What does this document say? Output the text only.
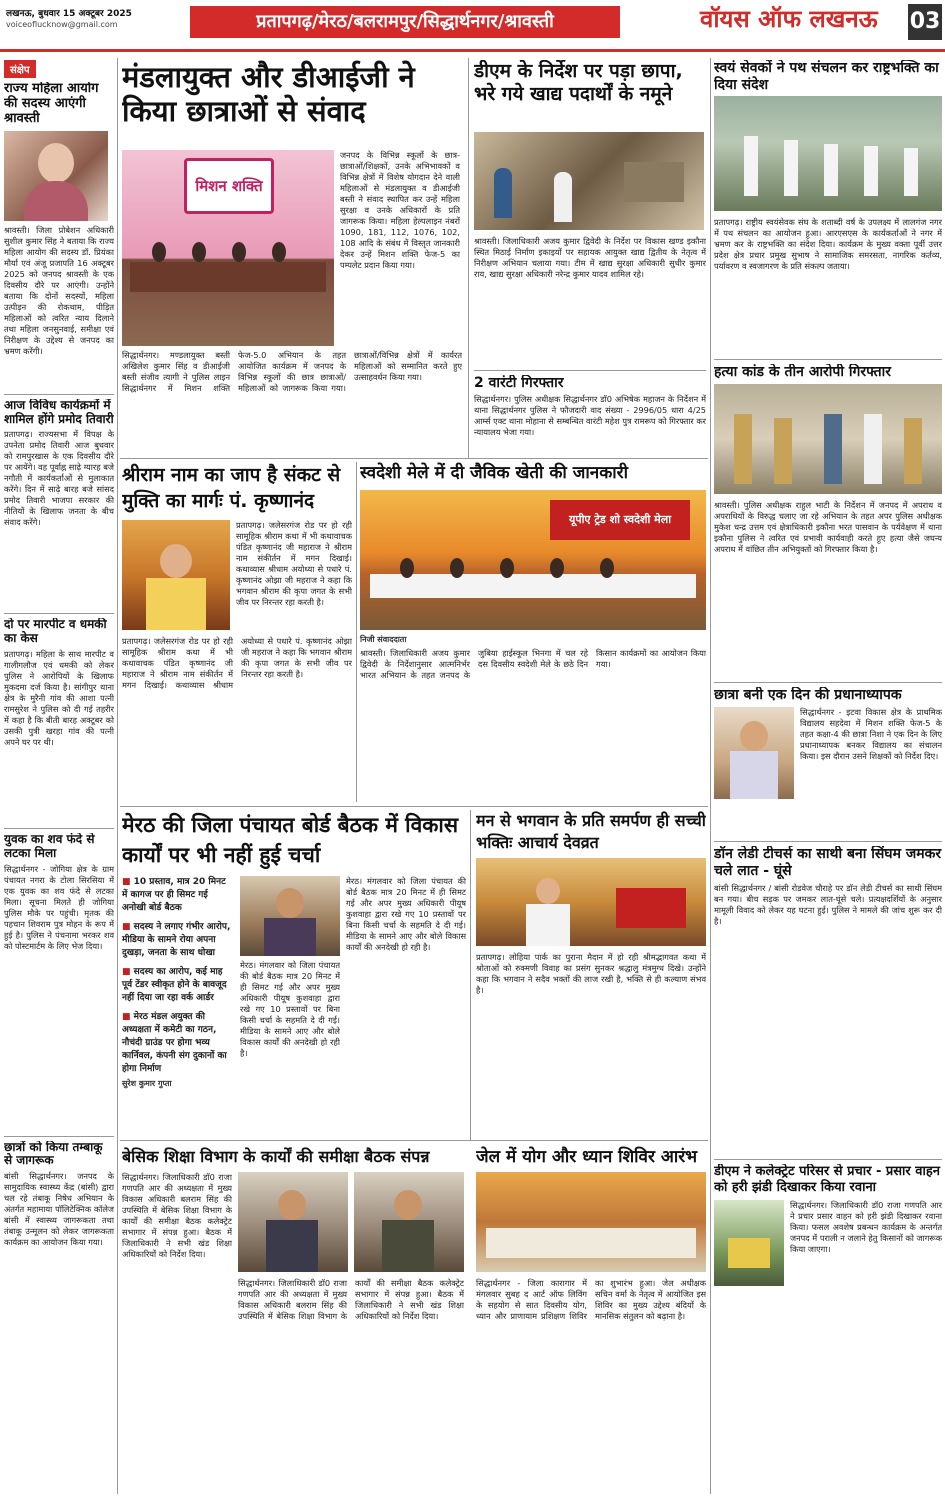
लखनऊ, बुधवार 15 अक्टूबर 2025
voiceoflucknow@gmail.com	प्रतापगढ़/मेरठ/बलरामपुर/सिद्धार्थनगर/श्रावस्ती	वॉयस ऑफ लखनऊ 03
संक्षेप
राज्य महिला आयोग की सदस्य आएंगी श्रावस्ती
श्रावस्ती। जिला प्रोबेशन अधिकारी सुशील कुमार सिंह ने बताया कि राज्य महिला आयोग की सदस्य डॉ. प्रियंका मौर्या एवं अंजू प्रजापति 16 अक्टूबर 2025 को जनपद श्रावस्ती के एक दिवसीय दौरे पर आएंगी। उन्होंने बताया कि दोनों सदस्यों, महिला उत्पीड़न की रोकथाम, पीड़ित महिलाओं को त्वरित न्याय दिलाने तथा महिला जनसुनवाई, समीक्षा एवं निरीक्षण के उद्देश्य से जनपद का भ्रमण करेंगी।
आज विविध कार्यक्रमों में शामिल होंगे प्रमोद तिवारी
प्रतापगढ़। राज्यसभा में विपक्ष के उपनेता प्रमोद तिवारी आज बुधवार को रामपुरखास के एक दिवसीय दौरे पर आयेंगे। वह पूर्वाह्न साढ़े ग्यारह बजे नगौती में कार्यकर्ताओं से मुलाकात करेंगे। दिन में साढ़े बारह बजे सांसद प्रमोद तिवारी भाजपा सरकार की नीतियों के खिलाफ जनता के बीच संवाद करेंगे।
दो पर मारपीट व धमकी का केस
प्रतापगढ़। महिला के साथ मारपीट व गालीगलौज एवं धमकी को लेकर पुलिस ने आरोपियों के खिलाफ मुकदमा दर्ज किया है। सांगीपुर थाना क्षेत्र के मुरैनी गांव की आशा पत्नी रामसुरेश ने पुलिस को दी गई तहरीर में कहा है कि बीती बारह अक्टूबर को उसकी पुत्री खरहा गांव की पत्नी अपने घर पर थी।
युवक का शव फंदे से लटका मिला
सिद्धार्थनगर - जोगिया क्षेत्र के ग्राम पंचायत नगरा के टोला सिरसिया में एक युवक का शव फंदे से लटका मिला। सूचना मिलते ही जोगिया पुलिस मौके पर पहुंची। मृतक की पहचान शिवराम पुत्र मोहन के रूप में हुई है। पुलिस ने पंचनामा भरकर शव को पोस्टमार्टम के लिए भेज दिया।
छात्रों को किया तम्बाकू से जागरूक
बांसी सिद्धार्थनगर। जनपद के सामुदायिक स्वास्थ्य केंद्र (बांसी) द्वारा चल रहे तंबाकू निषेध अभियान के अंतर्गत महामाया पॉलिटेक्निक कॉलेज बांसी में स्वास्थ्य जागरूकता तथा तंबाकू उन्मूलन को लेकर जागरूकता कार्यक्रम का आयोजन किया गया।
मंडलायुक्त और डीआईजी ने किया छात्राओं से संवाद
मिशन शक्ति
जनपद के विभिन्न स्कूलों के छात्र-छात्राओं/शिक्षकों, उनके अभिभावकों व विभिन्न क्षेत्रों में विशेष योगदान देने वाली महिलाओं से मंडलायुक्त व डीआईजी बस्ती ने संवाद स्थापित कर उन्हें महिला सुरक्षा व उनके अधिकारों के प्रति जागरूक किया। महिला हेल्पलाइन नंबरों 1090, 181, 112, 1076, 102, 108 आदि के संबंध में विस्तृत जानकारी देकर उन्हें मिशन शक्ति फेज-5 का पम्पलेट प्रदान किया गया।
सिद्धार्थनगर। मण्डलायुक्त बस्ती अखिलेश कुमार सिंह व डीआईजी बस्ती संजीव त्यागी ने पुलिस लाइन सिद्धार्थनगर में मिशन शक्ति फेज-5.0 अभियान के तहत आयोजित कार्यक्रम में जनपद के विभिन्न स्कूलों की छात्र छात्राओं/महिलाओं को जागरूक किया गया। छात्राओं/विभिन्न क्षेत्रों में कार्यरत महिलाओं को सम्मानित करते हुए उत्साहवर्धन किया गया।
डीएम के निर्देश पर पड़ा छापा, भरे गये खाद्य पदार्थों के नमूने
श्रावस्ती। जिलाधिकारी अजय कुमार द्विवेदी के निर्देश पर विकास खण्ड इकौना स्थित मिठाई निर्माण इकाइयों पर सहायक आयुक्त खाद्य द्वितीय के नेतृत्व में निरीक्षण अभियान चलाया गया। टीम में खाद्य सुरक्षा अधिकारी सुधीर कुमार राय, खाद्य सुरक्षा अधिकारी नरेन्द्र कुमार यादव शामिल रहे।
2 वारंटी गिरफ्तार
सिद्धार्थनगर। पुलिस अधीक्षक सिद्धार्थनगर डॉ0 अभिषेक महाजन के निर्देशन में थाना सिद्धार्थनगर पुलिस ने फौजदारी वाद संख्या - 2996/05 धारा 4/25 आर्म्स एक्ट थाना मोहाना से सम्बन्धित वारंटी महेश पुत्र रामरूप को गिरफ्तार कर न्यायालय भेजा गया।
स्वयं सेवकों ने पथ संचलन कर राष्ट्रभक्ति का दिया संदेश
प्रतापगढ़। राष्ट्रीय स्वयंसेवक संघ के शताब्दी वर्ष के उपलक्ष्य में लालगंज नगर में पथ संचलन का आयोजन हुआ। आरएसएस के कार्यकर्ताओं ने नगर में भ्रमण कर के राष्ट्रभक्ति का संदेश दिया। कार्यक्रम के मुख्य वक्ता पूर्वी उत्तर प्रदेश क्षेत्र प्रचार प्रमुख सुभाष ने सामाजिक समरसता, नागरिक कर्तव्य, पर्यावरण व स्वजागरण के प्रति संकल्प जताया।
हत्या कांड के तीन आरोपी गिरफ्तार
श्रावस्ती। पुलिस अधीक्षक राहुल भाटी के निर्देशन में जनपद में अपराध व अपराधियों के विरुद्ध चलाए जा रहे अभियान के तहत अपर पुलिस अधीक्षक मुकेश चन्द्र उत्तम एवं क्षेत्राधिकारी इकौना भरत पासवान के पर्यवेक्षण में थाना इकौना पुलिस ने त्वरित एवं प्रभावी कार्यवाही करते हुए हत्या जैसे जघन्य अपराध में वांछित तीन अभियुक्तों को गिरफ्तार किया है।
छात्रा बनी एक दिन की प्रधानाध्यापक
सिद्धार्थनगर - इटवा विकास क्षेत्र के प्राथमिक विद्यालय सहदेवा में मिशन शक्ति फेज-5 के तहत कक्षा-4 की छात्रा निशा ने एक दिन के लिए प्रधानाध्यापक बनकर विद्यालय का संचालन किया। इस दौरान उसने शिक्षकों को निर्देश दिए।
डॉन लेडी टीचर्स का साथी बना सिंघम जमकर चले लात - घूंसे
बांसी सिद्धार्थनगर / बांसी रोडवेज चौराहे पर डॉन लेडी टीचर्स का साथी सिंघम बन गया। बीच सड़क पर जमकर लात-घूंसे चले। प्रत्यक्षदर्शियों के अनुसार मामूली विवाद को लेकर यह घटना हुई। पुलिस ने मामले की जांच शुरू कर दी है।
डीएम ने कलेक्ट्रेट परिसर से प्रचार - प्रसार वाहन को हरी झंडी दिखाकर किया रवाना
सिद्धार्थनगर। जिलाधिकारी डॉ0 राजा गणपति आर ने प्रचार प्रसार वाहन को हरी झंडी दिखाकर रवाना किया। फसल अवशेष प्रबन्धन कार्यक्रम के अन्तर्गत जनपद में पराली न जलाने हेतु किसानों को जागरूक किया जाएगा।
श्रीराम नाम का जाप है संकट से मुक्ति का मार्गः पं. कृष्णानंद
प्रतापगढ़। जलेसरगंज रोड पर हो रही सामूहिक श्रीराम कथा में भी कथावाचक पंडित कृष्णानंद जी महाराज ने श्रीराम नाम संकीर्तन में मगन दिखाई। कथाव्यास श्रीधाम अयोध्या से पधारे पं. कृष्णानंद ओझा जी महराज ने कहा कि भगवान श्रीराम की कृपा जगत के सभी जीव पर निरन्तर रहा करती है।
प्रतापगढ़। जलेसरगंज रोड पर हो रही सामूहिक श्रीराम कथा में भी कथावाचक पंडित कृष्णानंद जी महाराज ने श्रीराम नाम संकीर्तन में मगन दिखाई। कथाव्यास श्रीधाम अयोध्या से पधारे पं. कृष्णानंद ओझा जी महराज ने कहा कि भगवान श्रीराम की कृपा जगत के सभी जीव पर निरन्तर रहा करती है।
स्वदेशी मेले में दी जैविक खेती की जानकारी
यूपीए ट्रेड शो स्वदेशी मेला
निजी संवाददाता
श्रावस्ती। जिलाधिकारी अजय कुमार द्विवेदी के निर्देशानुसार आत्मनिर्भर भारत अभियान के तहत जनपद के जुबिया हाईस्कूल भिनगा में चल रहे दस दिवसीय स्वदेशी मेले के छठे दिन किसान कार्यक्रमों का आयोजन किया गया।
मेरठ की जिला पंचायत बोर्ड बैठक में विकास कार्यों पर भी नहीं हुई चर्चा
■ 10 प्रस्ताव, मात्र 20 मिनट में कागज पर ही सिमट गई अनोखी बोर्ड बैठक
■ सदस्य ने लगाए गंभीर आरोप, मीडिया के सामने रोया अपना दुखड़ा, जनता के साथ धोखा
■ सदस्य का आरोप, कई माह पूर्व टेंडर स्वीकृत होने के बावजूद नहीं दिया जा रहा वर्क आर्डर
■ मेरठ मंडल अयुक्त की अध्यक्षता में कमेटी का गठन, नौचंदी ग्राउंड पर होगा भव्य कार्निवल, कंपनी संग दुकानों का होगा निर्माण
मेरठ। मंगलवार को जिला पंचायत की बोर्ड बैठक मात्र 20 मिनट में ही सिमट गई और अपर मुख्य अधिकारी पीयूष कुशवाहा द्वारा रखे गए 10 प्रस्तावों पर बिना किसी चर्चा के सहमति दे दी गई। मीडिया के सामने आए और बोले विकास कार्यों की अनदेखी हो रही है।
मेरठ। मंगलवार को जिला पंचायत की बोर्ड बैठक मात्र 20 मिनट में ही सिमट गई और अपर मुख्य अधिकारी पीयूष कुशवाहा द्वारा रखे गए 10 प्रस्तावों पर बिना किसी चर्चा के सहमति दे दी गई। मीडिया के सामने आए और बोले विकास कार्यों की अनदेखी हो रही है।
सुरेश कुमार गुप्ता
मन से भगवान के प्रति समर्पण ही सच्ची भक्तिः आचार्य देवव्रत
प्रतापगढ़। लोहिया पार्क का पुराना मैदान में हो रही श्रीमद्भागवत कथा में श्रोताओं को रुक्मणी विवाह का प्रसंग सुनकर श्रद्धालु मंत्रमुग्ध दिखे। उन्होंने कहा कि भगवान ने सदैव भक्तों की लाज रखी है, भक्ति से ही कल्याण संभव है।
जेल में योग और ध्यान शिविर आरंभ
सिद्धार्थनगर - जिला कारागार में मंगलवार सुबह द आर्ट ऑफ लिविंग के सहयोग से सात दिवसीय योग, ध्यान और प्राणायाम प्रशिक्षण शिविर का शुभारंभ हुआ। जेल अधीक्षक सचिन वर्मा के नेतृत्व में आयोजित इस शिविर का मुख्य उद्देश्य बंदियों के मानसिक संतुलन को बढ़ाना है।
बेसिक शिक्षा विभाग के कार्यों की समीक्षा बैठक संपन्न
सिद्धार्थनगर। जिलाधिकारी डॉ0 राजा गणपति आर की अध्यक्षता में मुख्य विकास अधिकारी बलराम सिंह की उपस्थिति में बेसिक शिक्षा विभाग के कार्यों की समीक्षा बैठक कलेक्ट्रेट सभागार में संपन्न हुआ। बैठक में जिलाधिकारी ने सभी खंड शिक्षा अधिकारियों को निर्देश दिया।
सिद्धार्थनगर। जिलाधिकारी डॉ0 राजा गणपति आर की अध्यक्षता में मुख्य विकास अधिकारी बलराम सिंह की उपस्थिति में बेसिक शिक्षा विभाग के कार्यों की समीक्षा बैठक कलेक्ट्रेट सभागार में संपन्न हुआ। बैठक में जिलाधिकारी ने सभी खंड शिक्षा अधिकारियों को निर्देश दिया।
